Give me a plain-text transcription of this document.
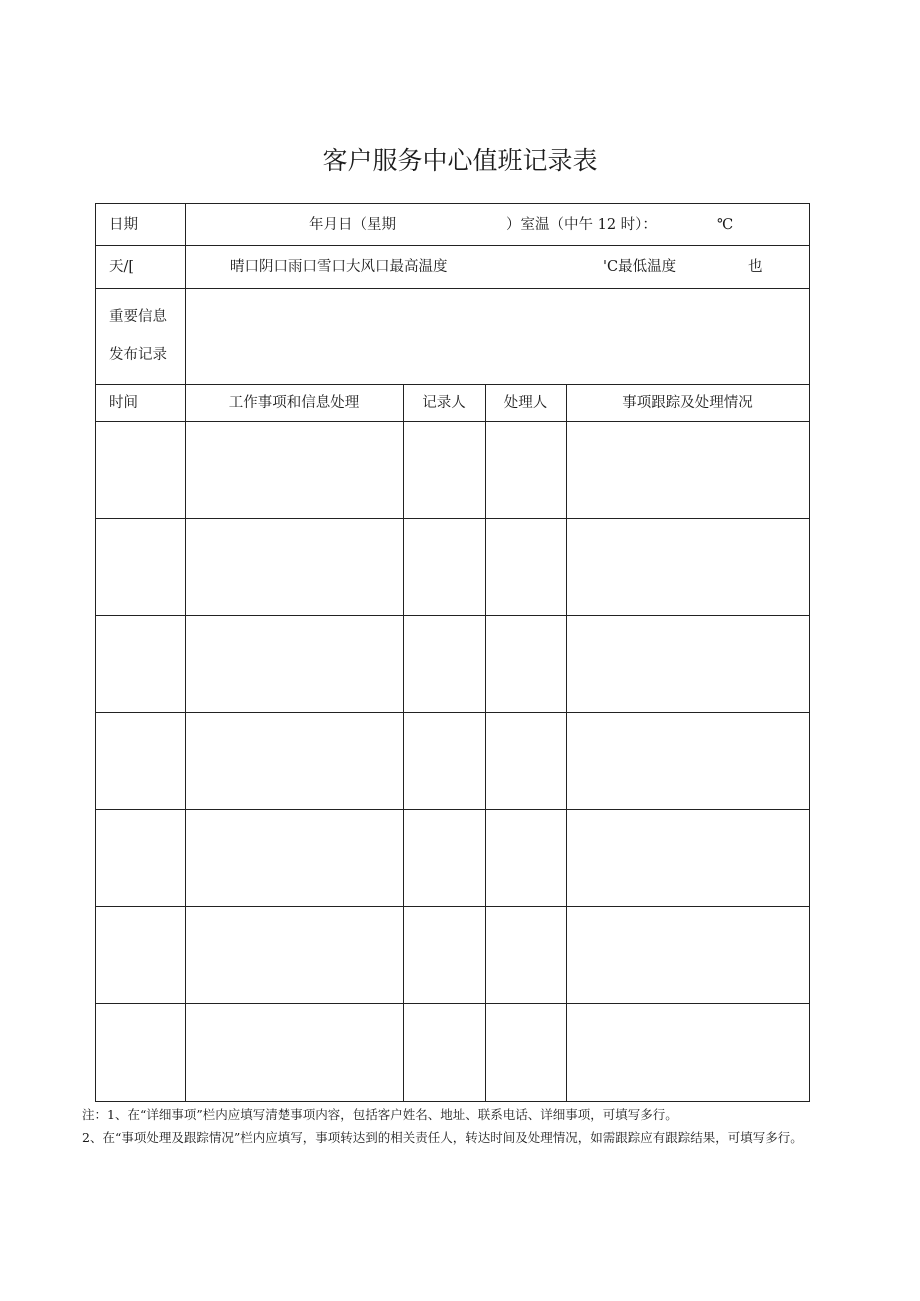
客户服务中心值班记录表
日期	年月日（星期	）室温（中午 12 时）：	℃
天/[	晴口阴口雨口雪口大风口最高温度	'C最低温度	也
重要信息
发布记录
时间	工作事项和信息处理	记录人	处理人	事项跟踪及处理情况
注：1、在“详细事项”栏内应填写清楚事项内容，包括客户姓名、地址、联系电话、详细事项，可填写多行。
2、在“事项处理及跟踪情况”栏内应填写，事项转达到的相关责任人，转达时间及处理情况，如需跟踪应有跟踪结果，可填写多行。
